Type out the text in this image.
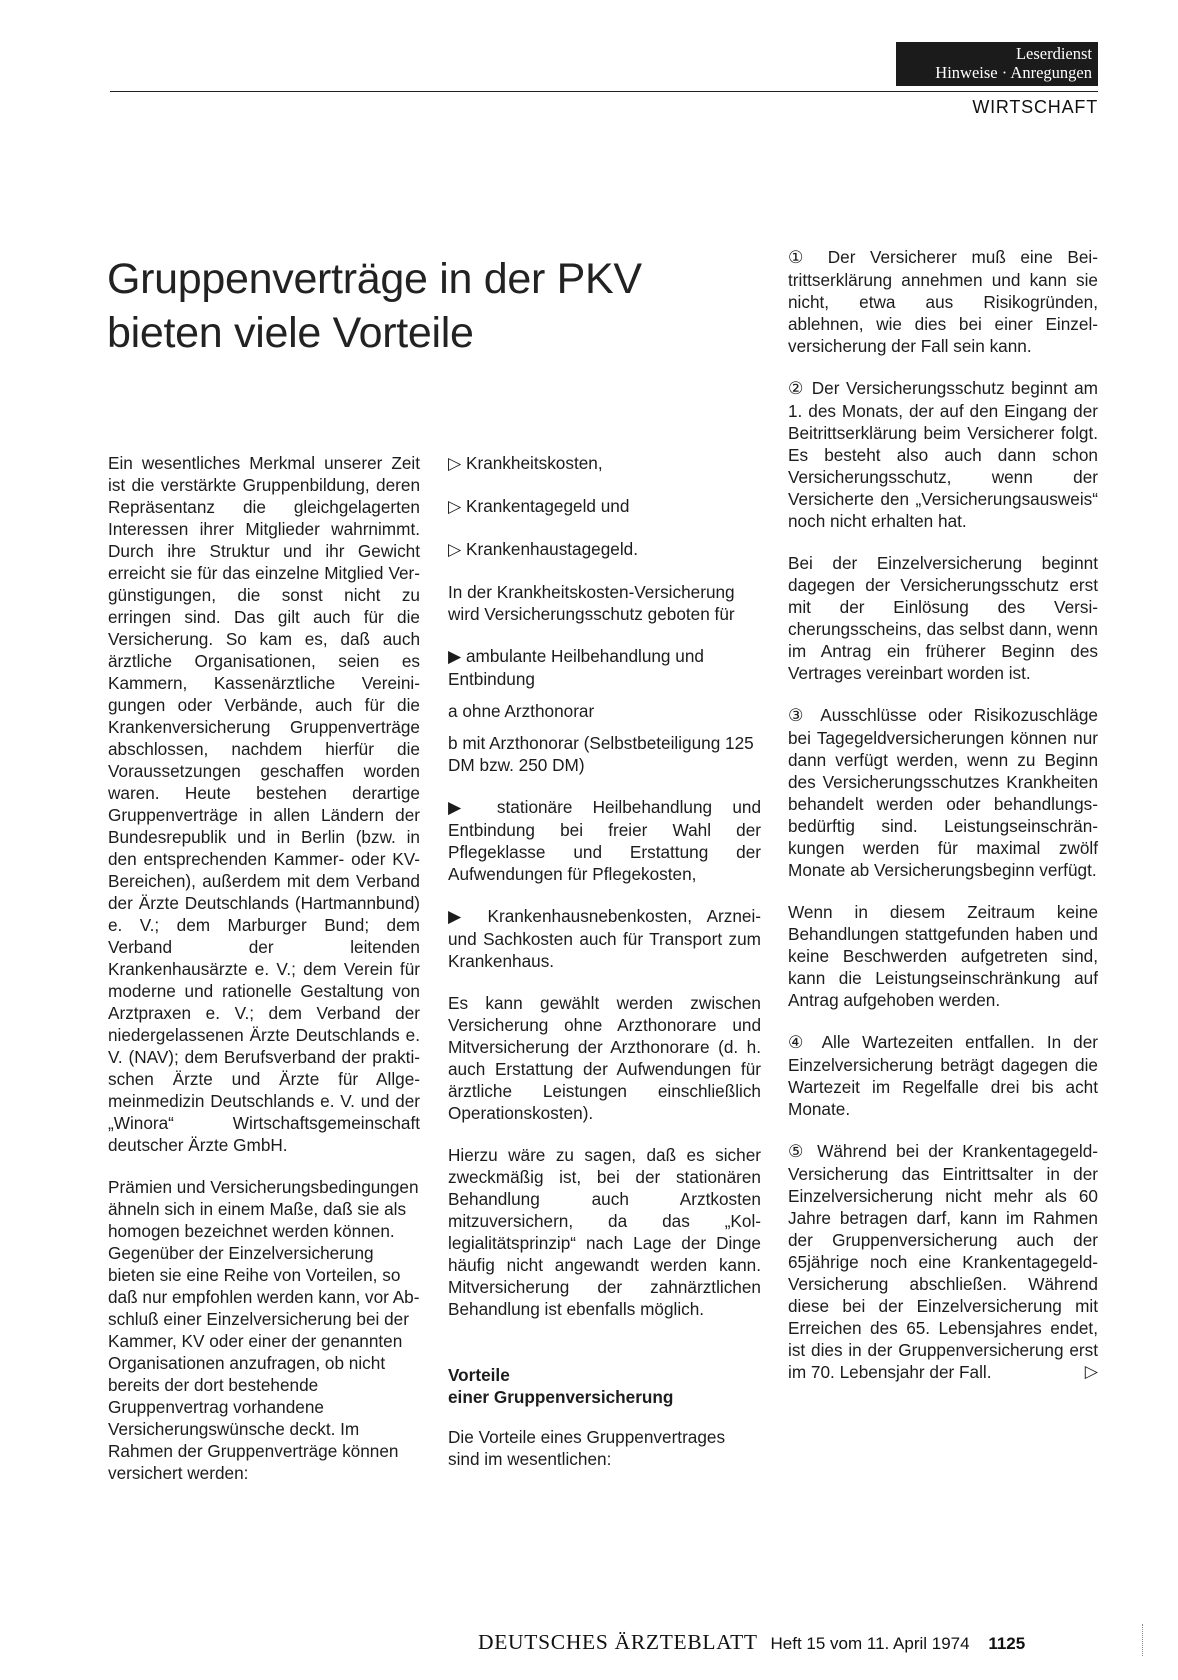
Leserdienst
Hinweise · Anregungen
WIRTSCHAFT
Gruppenverträge in der PKV bieten viele Vorteile

Ein wesentliches Merkmal unserer Zeit ist die verstärkte Gruppenbildung, deren Repräsentanz die gleichgelagerten Interessen ihrer Mitglieder wahrnimmt. Durch ihre Struktur und ihr Gewicht erreicht sie für das einzelne Mitglied Vergünstigungen, die sonst nicht zu erringen sind. Das gilt auch für die Versicherung. So kam es, daß auch ärztliche Organisationen, seien es Kammern, Kassenärztliche Vereinigungen oder Verbände, auch für die Krankenversicherung Gruppenverträge abschlossen, nachdem hierfür die Voraussetzungen geschaffen worden waren. Heute bestehen derartige Gruppenverträge in allen Ländern der Bundesrepublik und in Berlin (bzw. in den entsprechenden Kammer- oder KV-Bereichen), außerdem mit dem Verband der Ärzte Deutschlands (Hartmannbund) e. V.; dem Marburger Bund; dem Verband der leitenden Krankenhausärzte e. V.; dem Verein für moderne und rationelle Gestaltung von Arztpraxen e. V.; dem Verband der niedergelassenen Ärzte Deutschlands e. V. (NAV); dem Berufsverband der praktischen Ärzte und Ärzte für Allgemeinmedizin Deutschlands e. V. und der „Winora“ Wirtschaftsgemeinschaft deutscher Ärzte GmbH.

Prämien und Versicherungsbedingungen ähneln sich in einem Maße, daß sie als homogen bezeichnet werden können. Gegenüber der Einzelversicherung bieten sie eine Reihe von Vorteilen, so daß nur empfohlen werden kann, vor Abschluß einer Einzelversicherung bei der Kammer, KV oder einer der genannten Organisationen anzufragen, ob nicht bereits der dort bestehende Gruppenvertrag vorhandene Versicherungswünsche deckt. Im Rahmen der Gruppenverträge können versichert werden:

▷ Krankheitskosten,

▷ Krankentagegeld und

▷ Krankenhaustagegeld.

In der Krankheitskosten-Versicherung wird Versicherungsschutz geboten für

▶ ambulante Heilbehandlung und Entbindung

a ohne Arzthonorar

b mit Arzthonorar (Selbstbeteiligung 125 DM bzw. 250 DM)

▶ stationäre Heilbehandlung und Entbindung bei freier Wahl der Pflegeklasse und Erstattung der Aufwendungen für Pflegekosten,

▶ Krankenhausnebenkosten, Arznei- und Sachkosten auch für Transport zum Krankenhaus.

Es kann gewählt werden zwischen Versicherung ohne Arzthonorare und Mitversicherung der Arzthonorare (d. h. auch Erstattung der Aufwendungen für ärztliche Leistungen einschließlich Operationskosten).

Hierzu wäre zu sagen, daß es sicher zweckmäßig ist, bei der stationären Behandlung auch Arztkosten mitzuversichern, da das „Kollegialitätsprinzip“ nach Lage der Dinge häufig nicht angewandt werden kann. Mitversicherung der zahnärztlichen Behandlung ist ebenfalls möglich.

Vorteile
einer Gruppenversicherung

Die Vorteile eines Gruppenvertrages sind im wesentlichen:

① Der Versicherer muß eine Beitrittserklärung annehmen und kann sie nicht, etwa aus Risikogründen, ablehnen, wie dies bei einer Einzelversicherung der Fall sein kann.

② Der Versicherungsschutz beginnt am 1. des Monats, der auf den Eingang der Beitrittserklärung beim Versicherer folgt. Es besteht also auch dann schon Versicherungsschutz, wenn der Versicherte den „Versicherungsausweis“ noch nicht erhalten hat.

Bei der Einzelversicherung beginnt dagegen der Versicherungsschutz erst mit der Einlösung des Versicherungsscheins, das selbst dann, wenn im Antrag ein früherer Beginn des Vertrages vereinbart worden ist.

③ Ausschlüsse oder Risikozuschläge bei Tagegeldversicherungen können nur dann verfügt werden, wenn zu Beginn des Versicherungsschutzes Krankheiten behandelt werden oder behandlungsbedürftig sind. Leistungseinschränkungen werden für maximal zwölf Monate ab Versicherungsbeginn verfügt.

Wenn in diesem Zeitraum keine Behandlungen stattgefunden haben und keine Beschwerden aufgetreten sind, kann die Leistungseinschränkung auf Antrag aufgehoben werden.

④ Alle Wartezeiten entfallen. In der Einzelversicherung beträgt dagegen die Wartezeit im Regelfalle drei bis acht Monate.

⑤ Während bei der Krankentagegeld-Versicherung das Eintrittsalter in der Einzelversicherung nicht mehr als 60 Jahre betragen darf, kann im Rahmen der Gruppenversicherung auch der 65jährige noch eine Krankentagegeld-Versicherung abschließen. Während diese bei der Einzelversicherung mit Erreichen des 65. Lebensjahres endet, ist dies in der Gruppenversicherung erst im 70. Lebensjahr der Fall.	▷

DEUTSCHES ÄRZTEBLATT Heft 15 vom 11. April 1974 1125
